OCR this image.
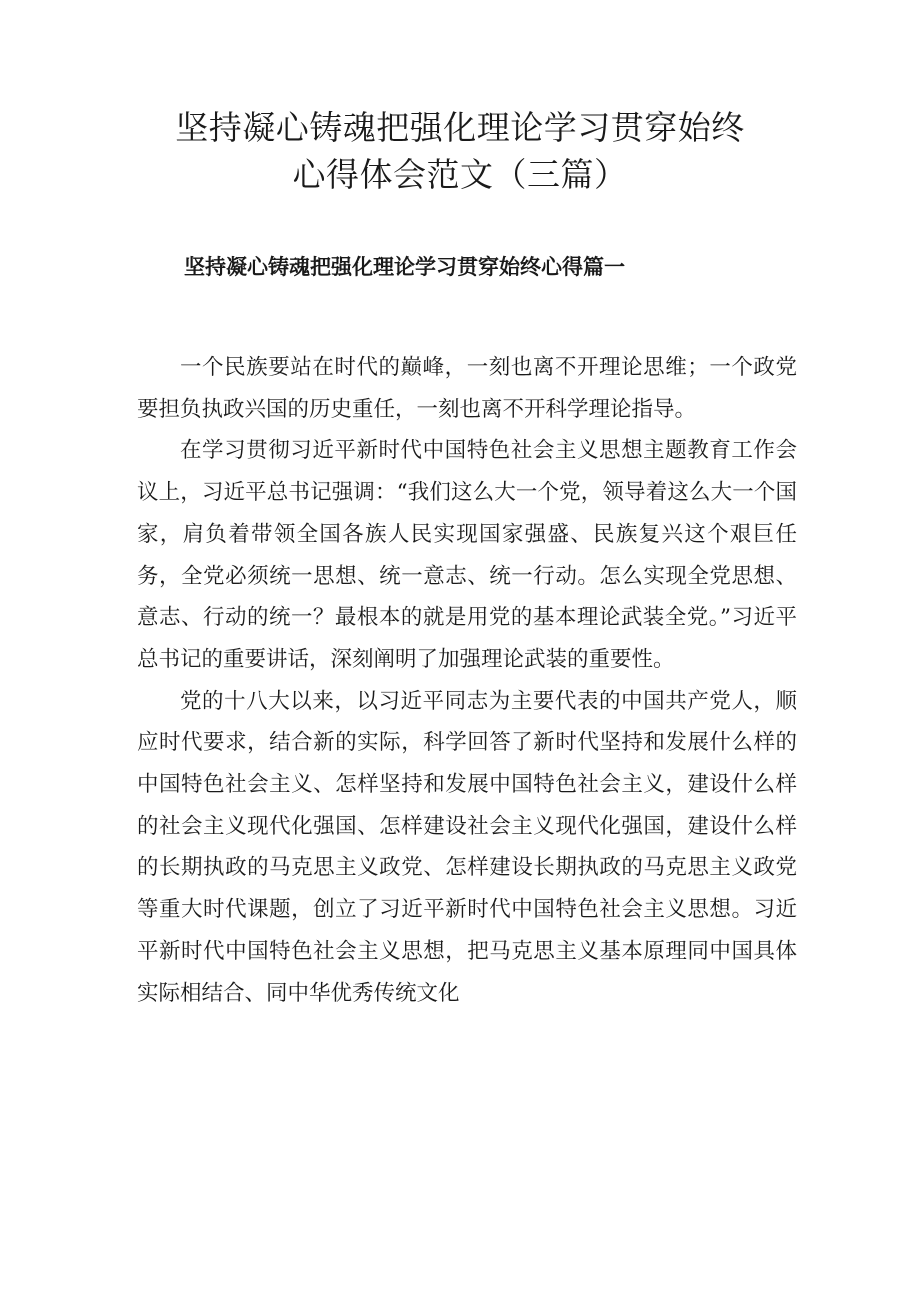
坚持凝心铸魂把强化理论学习贯穿始终
心得体会范文（三篇）
坚持凝心铸魂把强化理论学习贯穿始终心得篇一

一个民族要站在时代的巅峰，一刻也离不开理论思维；一个政党要担负执政兴国的历史重任，一刻也离不开科学理论指导。

在学习贯彻习近平新时代中国特色社会主义思想主题教育工作会议上，习近平总书记强调：“我们这么大一个党，领导着这么大一个国家，肩负着带领全国各族人民实现国家强盛、民族复兴这个艰巨任务，全党必须统一思想、统一意志、统一行动。怎么实现全党思想、意志、行动的统一？最根本的就是用党的基本理论武装全党。”习近平总书记的重要讲话，深刻阐明了加强理论武装的重要性。

党的十八大以来，以习近平同志为主要代表的中国共产党人，顺应时代要求，结合新的实际，科学回答了新时代坚持和发展什么样的中国特色社会主义、怎样坚持和发展中国特色社会主义，建设什么样的社会主义现代化强国、怎样建设社会主义现代化强国，建设什么样的长期执政的马克思主义政党、怎样建设长期执政的马克思主义政党等重大时代课题，创立了习近平新时代中国特色社会主义思想。习近平新时代中国特色社会主义思想，把马克思主义基本原理同中国具体实际相结合、同中华优秀传统文化
